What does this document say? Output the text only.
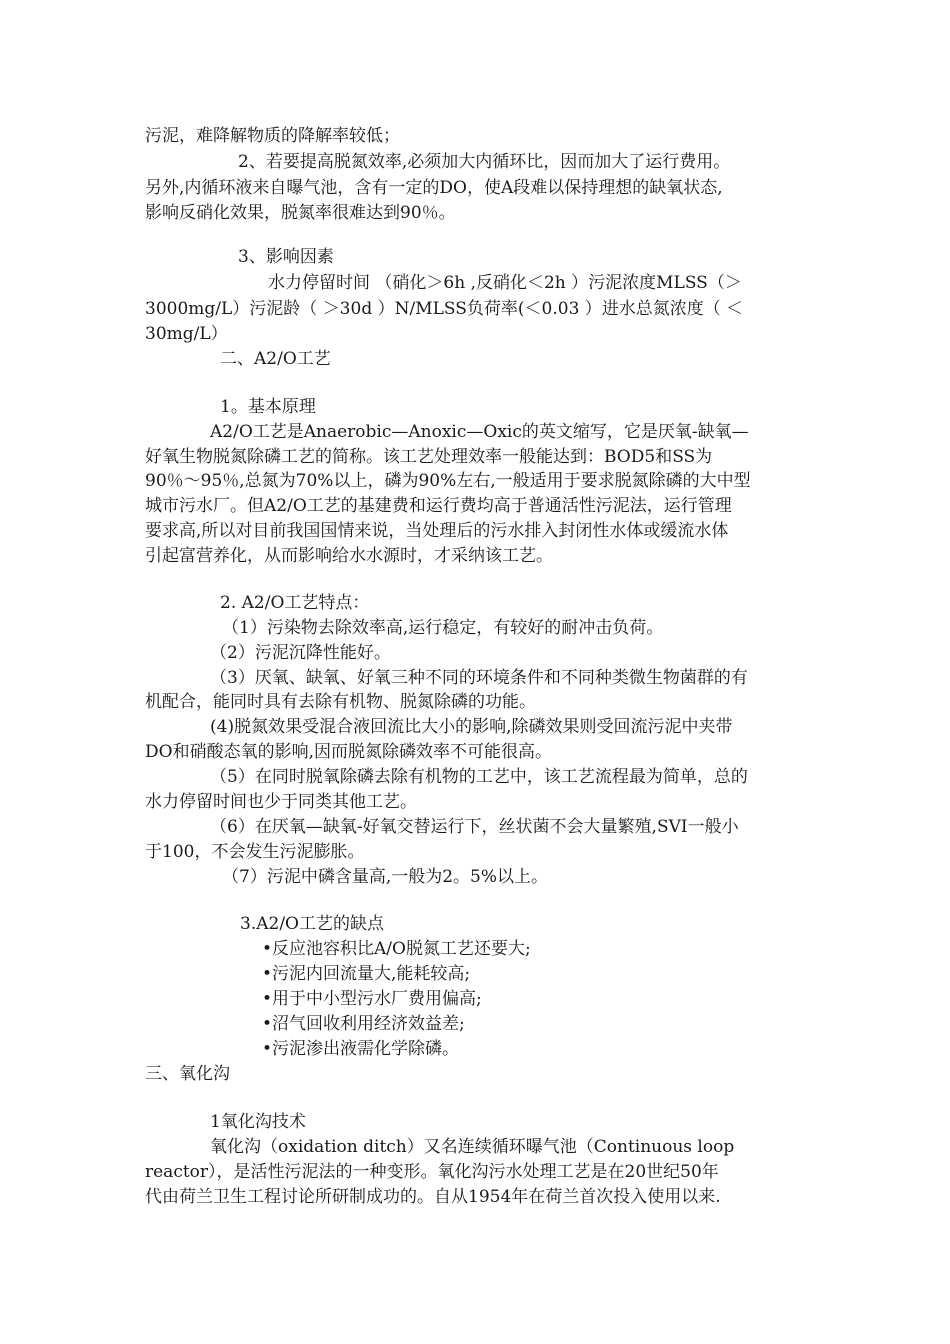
污泥，难降解物质的降解率较低；
2、若要提高脱氮效率,必须加大内循环比，因而加大了运行费用。
另外,内循环液来自曝气池，含有一定的DO，使A段难以保持理想的缺氧状态,
影响反硝化效果，脱氮率很难达到90％。
3、影响因素
水力停留时间 （硝化＞6h ,反硝化＜2h ）污泥浓度MLSS（＞
3000mg/L）污泥龄（ ＞30d ）N/MLSS负荷率(＜0.03 ）进水总氮浓度（ ＜
30mg/L）
二、A2/O工艺
1。基本原理
A2/O工艺是Anaerobic—Anoxic—Oxic的英文缩写，它是厌氧-缺氧—
好氧生物脱氮除磷工艺的简称。该工艺处理效率一般能达到：BOD5和SS为
90％～95％,总氮为70%以上，磷为90%左右,一般适用于要求脱氮除磷的大中型
城市污水厂。但A2/O工艺的基建费和运行费均高于普通活性污泥法，运行管理
要求高,所以对目前我国国情来说，当处理后的污水排入封闭性水体或缓流水体
引起富营养化，从而影响给水水源时，才采纳该工艺。
2. A2/O工艺特点：
（1）污染物去除效率高,运行稳定，有较好的耐冲击负荷。
（2）污泥沉降性能好。
（3）厌氧、缺氧、好氧三种不同的环境条件和不同种类微生物菌群的有
机配合，能同时具有去除有机物、脱氮除磷的功能。
(4)脱氮效果受混合液回流比大小的影响,除磷效果则受回流污泥中夹带
DO和硝酸态氧的影响,因而脱氮除磷效率不可能很高。
（5）在同时脱氧除磷去除有机物的工艺中，该工艺流程最为简单，总的
水力停留时间也少于同类其他工艺。
（6）在厌氧—缺氧-好氧交替运行下，丝状菌不会大量繁殖,SVI一般小
于100，不会发生污泥膨胀。
（7）污泥中磷含量高,一般为2。5%以上。
3.A2/O工艺的缺点
•反应池容积比A/O脱氮工艺还要大;
•污泥内回流量大,能耗较高;
•用于中小型污水厂费用偏高;
•沼气回收利用经济效益差;
•污泥渗出液需化学除磷。
三、氧化沟
1氧化沟技术
氧化沟（oxidation ditch）又名连续循环曝气池（Continuous loop
reactor），是活性污泥法的一种变形。氧化沟污水处理工艺是在20世纪50年
代由荷兰卫生工程讨论所研制成功的。自从1954年在荷兰首次投入使用以来.
